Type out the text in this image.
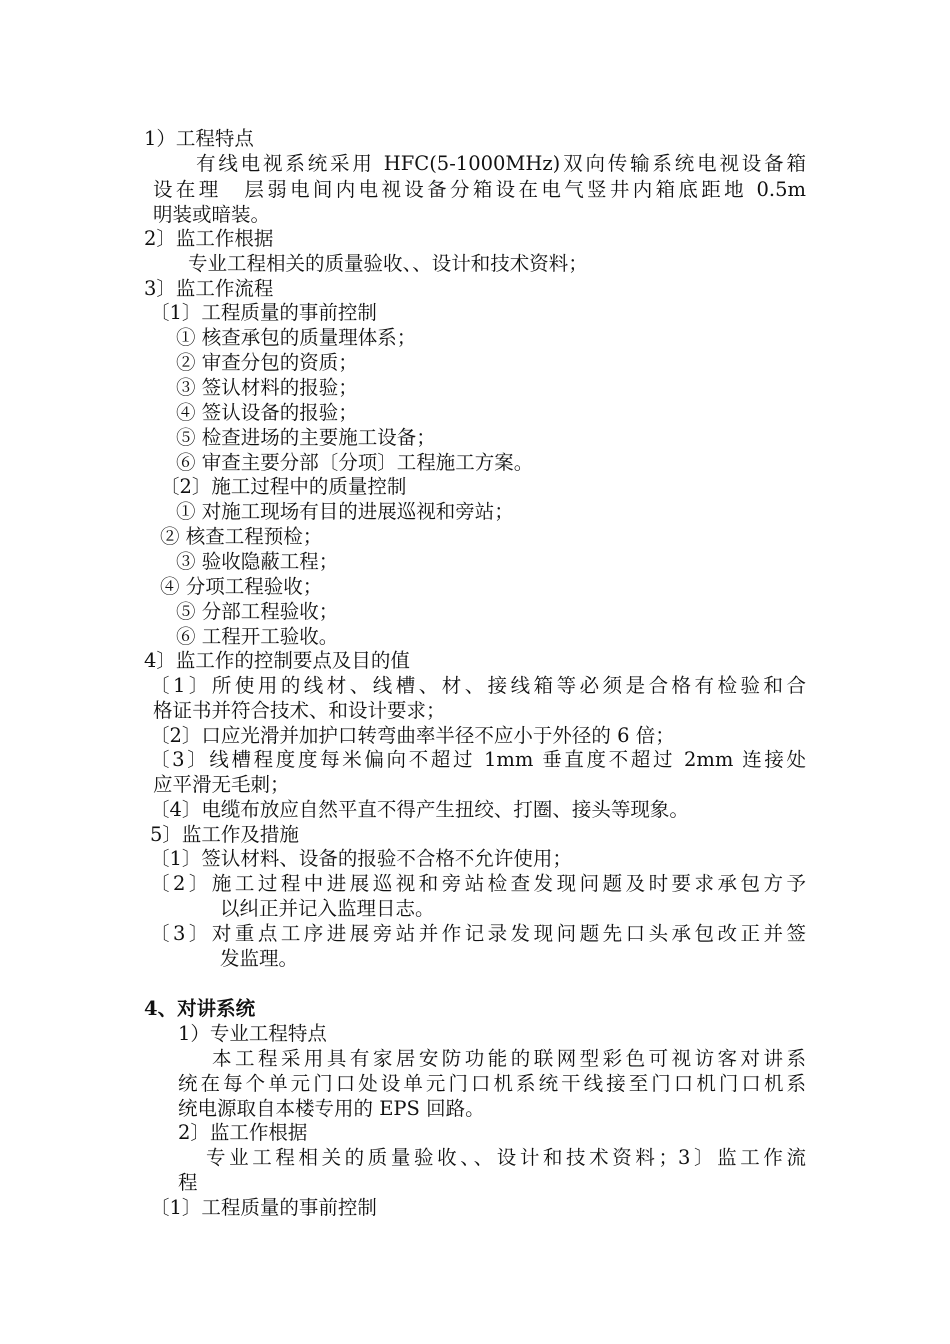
1）工程特点
有线电视系统采用 HFC(5-1000MHz)双向传输系统电视设备箱
设在理　层弱电间内电视设备分箱设在电气竖井内箱底距地 0.5m
明装或暗装。
2〕监工作根据
专业工程相关的质量验收、、设计和技术资料；
3〕监工作流程
〔1〕工程质量的事前控制
① 核查承包的质量理体系；
② 审查分包的资质；
③ 签认材料的报验；
④ 签认设备的报验；
⑤ 检查进场的主要施工设备；
⑥ 审查主要分部〔分项〕工程施工方案。
〔2〕施工过程中的质量控制
① 对施工现场有目的进展巡视和旁站；
② 核查工程预检；
③ 验收隐蔽工程；
④ 分项工程验收；
⑤ 分部工程验收；
⑥ 工程开工验收。
4〕监工作的控制要点及目的值
〔1〕所使用的线材、线槽、材、接线箱等必须是合格有检验和合
格证书并符合技术、和设计要求；
〔2〕口应光滑并加护口转弯曲率半径不应小于外径的 6 倍；
〔3〕线槽程度度每米偏向不超过 1mm 垂直度不超过 2mm 连接处
应平滑无毛刺；
〔4〕电缆布放应自然平直不得产生扭绞、打圈、接头等现象。
5〕监工作及措施
〔1〕签认材料、设备的报验不合格不允许使用；
〔2〕施工过程中进展巡视和旁站检查发现问题及时要求承包方予
以纠正并记入监理日志。
〔3〕对重点工序进展旁站并作记录发现问题先口头承包改正并签
发监理。
4、对讲系统
1）专业工程特点
本工程采用具有家居安防功能的联网型彩色可视访客对讲系
统在每个单元门口处设单元门口机系统干线接至门口机门口机系
统电源取自本楼专用的 EPS 回路。
2〕监工作根据
专业工程相关的质量验收、、设计和技术资料；3〕监工作流
程
〔1〕工程质量的事前控制
